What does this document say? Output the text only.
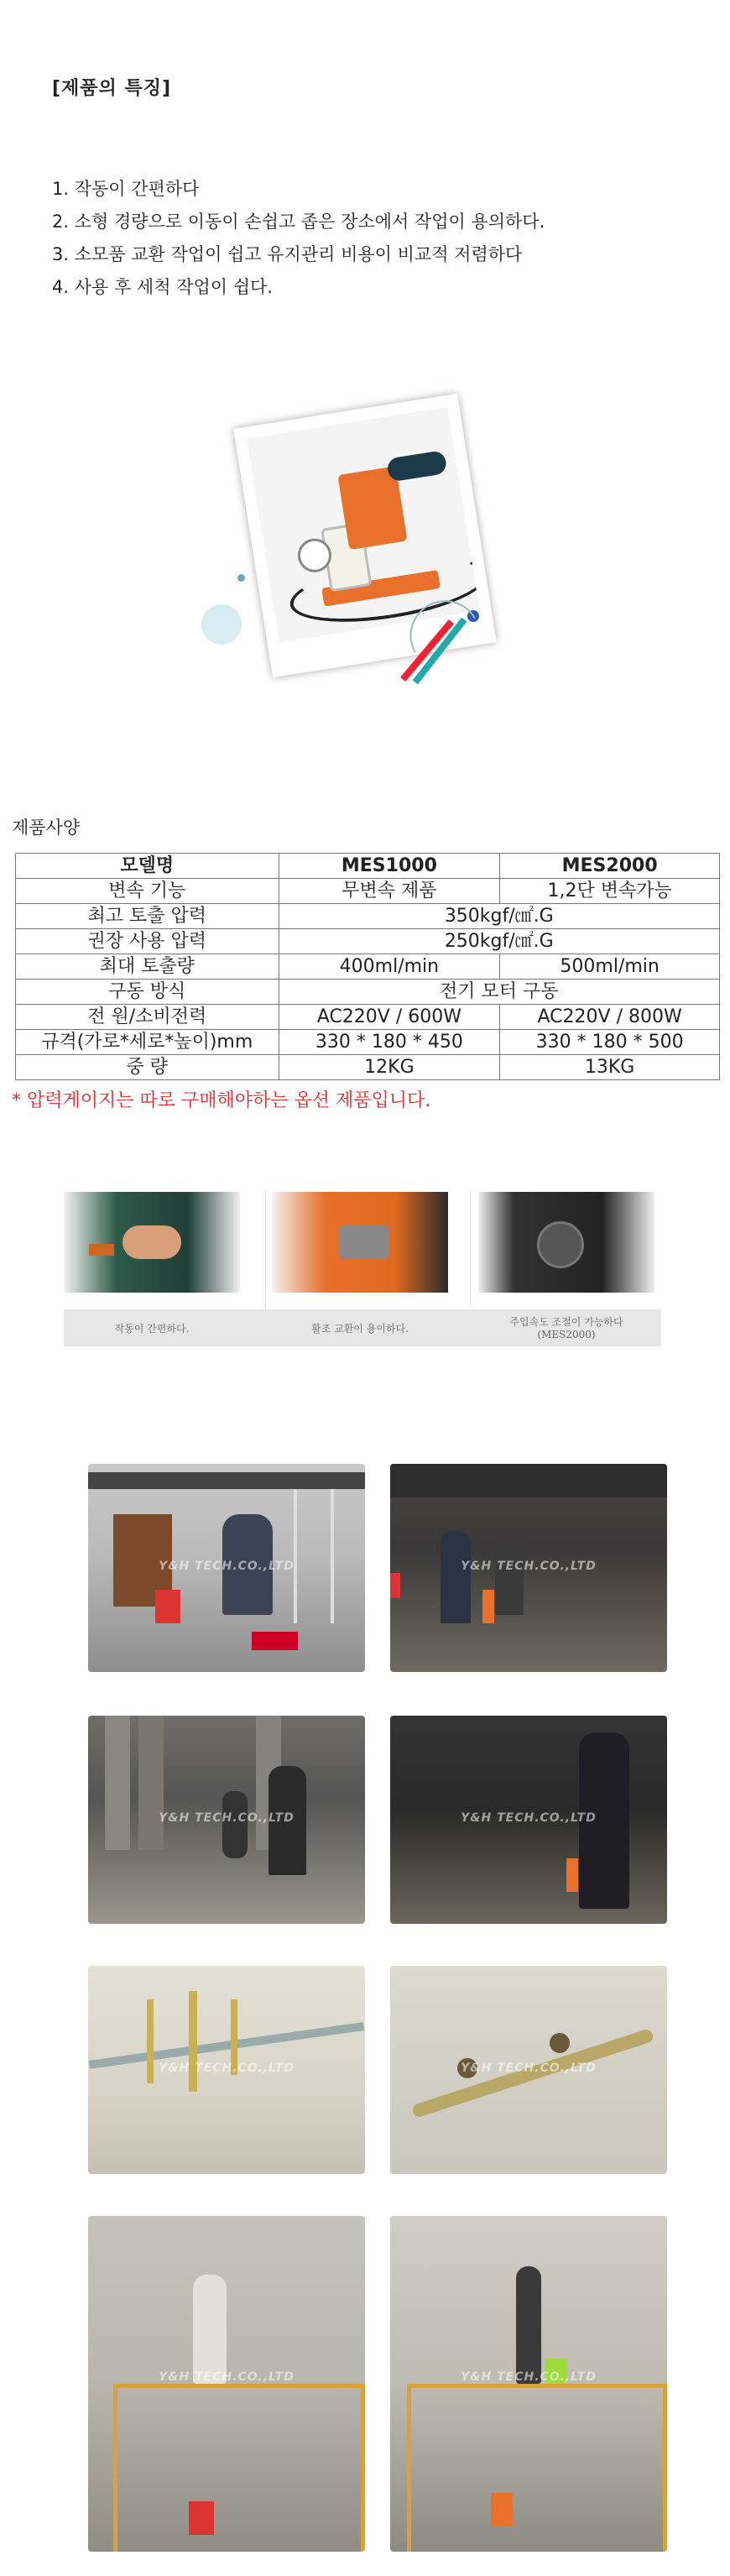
[제품의 특징]
1. 작동이 간편하다
2. 소형 경량으로 이동이 손쉽고 좁은 장소에서 작업이 용의하다.
3. 소모품 교환 작업이 쉽고 유지관리 비용이 비교적 저렴하다
4. 사용 후 세척 작업이 쉽다.
제품사양
모델명	MES1000	MES2000
변속 기능	무변속 제품	1,2단 변속가능
최고 토출 압력	350kgf/㎠.G	
권장 사용 압력	250kgf/㎠.G	
최대 토출량	400ml/min	500ml/min
구동 방식	전기 모터 구동	
전 원/소비전력	AC220V / 600W	AC220V / 800W
규격(가로*세로*높이)mm	330 * 180 * 450	330 * 180 * 500
중 량	12KG	13KG
* 압력게이지는 따로 구매해야하는 옵션 제품입니다.
작동이 간편하다.	활조 교환이 용이하다.
주입속도 조절이 가능하다
(MES2000)
Y&H TECH.CO.,LTD	Y&H TECH.CO.,LTD
Y&H TECH.CO.,LTD	Y&H TECH.CO.,LTD
Y&H TECH.CO.,LTD	Y&H TECH.CO.,LTD
Y&H TECH.CO.,LTD	Y&H TECH.CO.,LTD
